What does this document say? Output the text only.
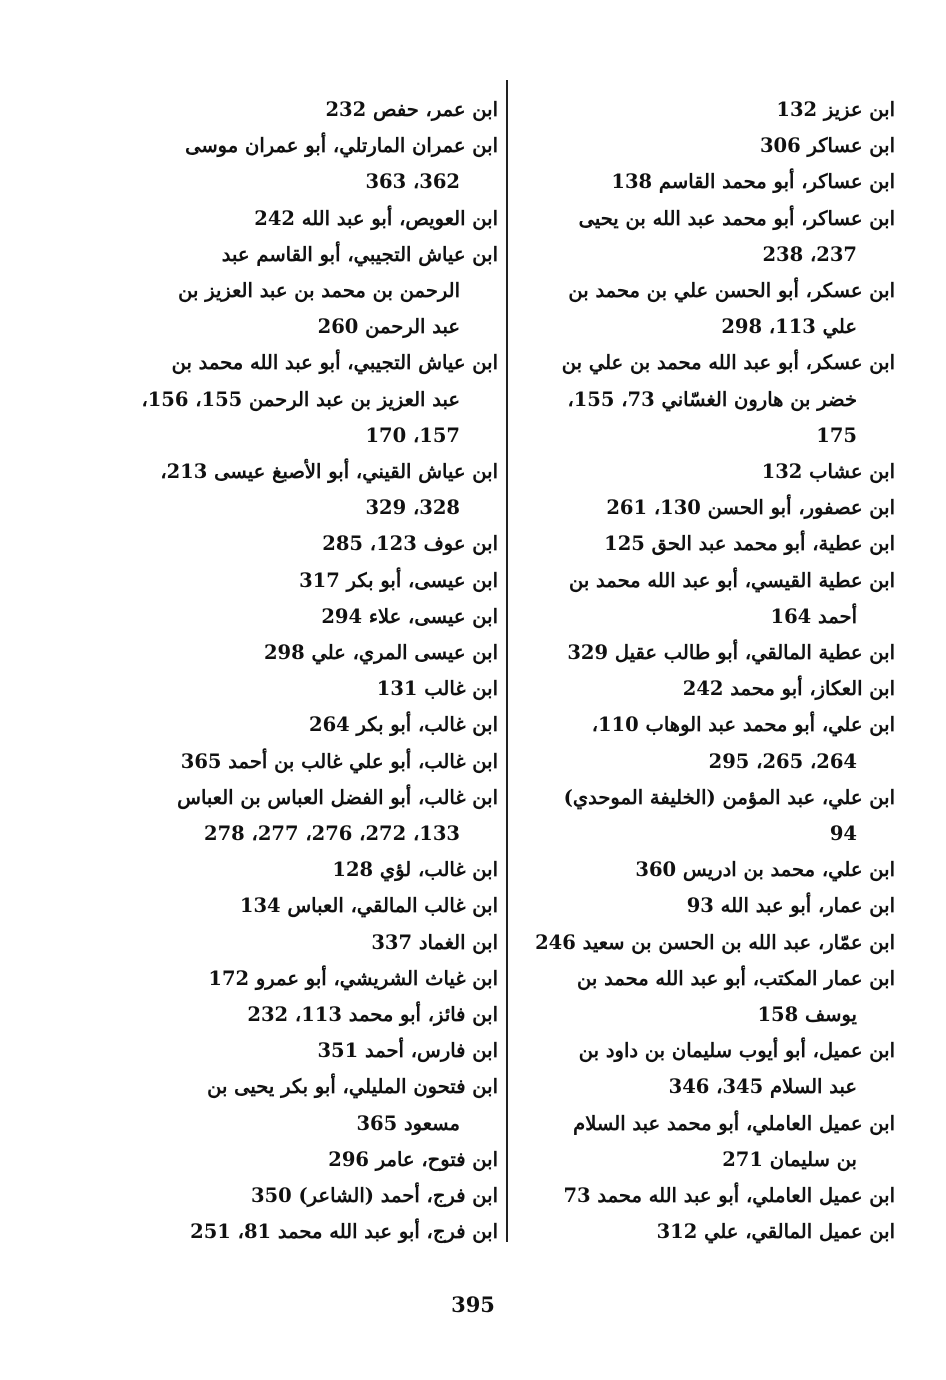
ابن عزيز 132
ابن عساكر 306
ابن عساكر، أبو محمد القاسم 138
ابن عساكر، أبو محمد عبد الله بن يحيى

237، 238
ابن عسكر، أبو الحسن علي بن محمد بن

علي 113، 298
ابن عسكر، أبو عبد الله محمد بن علي بن

خضر بن هارون الغسّاني 73، 155،
175
ابن عشاب 132
ابن عصفور، أبو الحسن 130، 261
ابن عطية، أبو محمد عبد الحق 125
ابن عطية القيسي، أبو عبد الله محمد بن

أحمد 164
ابن عطية المالقي، أبو طالب عقيل 329
ابن العكاز، أبو محمد 242
ابن علي، أبو محمد عبد الوهاب 110،

264، 265، 295
ابن علي، عبد المؤمن (الخليفة الموحدي)

94
ابن علي، محمد بن ادريس 360
ابن عمار، أبو عبد الله 93
ابن عمّار، عبد الله بن الحسن بن سعيد 246
ابن عمار المكتب، أبو عبد الله محمد بن

يوسف 158
ابن عميل، أبو أيوب سليمان بن داود بن

عبد السلام 345، 346
ابن عميل العاملي، أبو محمد عبد السلام

بن سليمان 271
ابن عميل العاملي، أبو عبد الله محمد 73
ابن عميل المالقي، علي 312
ابن عمر، حفص 232
ابن عمران المارتلي، أبو عمران موسى

362، 363
ابن العويص، أبو عبد الله 242
ابن عياش التجيبي، أبو القاسم عبد

الرحمن بن محمد بن عبد العزيز بن
عبد الرحمن 260
ابن عياش التجيبي، أبو عبد الله محمد بن

عبد العزيز بن عبد الرحمن 155، 156،
157، 170
ابن عياش القيني، أبو الأصبغ عيسى 213،

328، 329
ابن عوف 123، 285
ابن عيسى، أبو بكر 317
ابن عيسى، علاء 294
ابن عيسى المري، علي 298
ابن غالب 131
ابن غالب، أبو بكر 264
ابن غالب، أبو علي غالب بن أحمد 365
ابن غالب، أبو الفضل العباس بن العباس

133، 272، 276، 277، 278
ابن غالب، لؤي 128
ابن غالب المالقي، العباس 134
ابن الغماد 337
ابن غياث الشريشي، أبو عمرو 172
ابن فائز، أبو محمد 113، 232
ابن فارس، أحمد 351
ابن فتحون المليلي، أبو بكر يحيى بن

مسعود 365
ابن فتوح، عامر 296
ابن فرج، أحمد (الشاعر) 350
ابن فرج، أبو عبد الله محمد 81، 251
395
